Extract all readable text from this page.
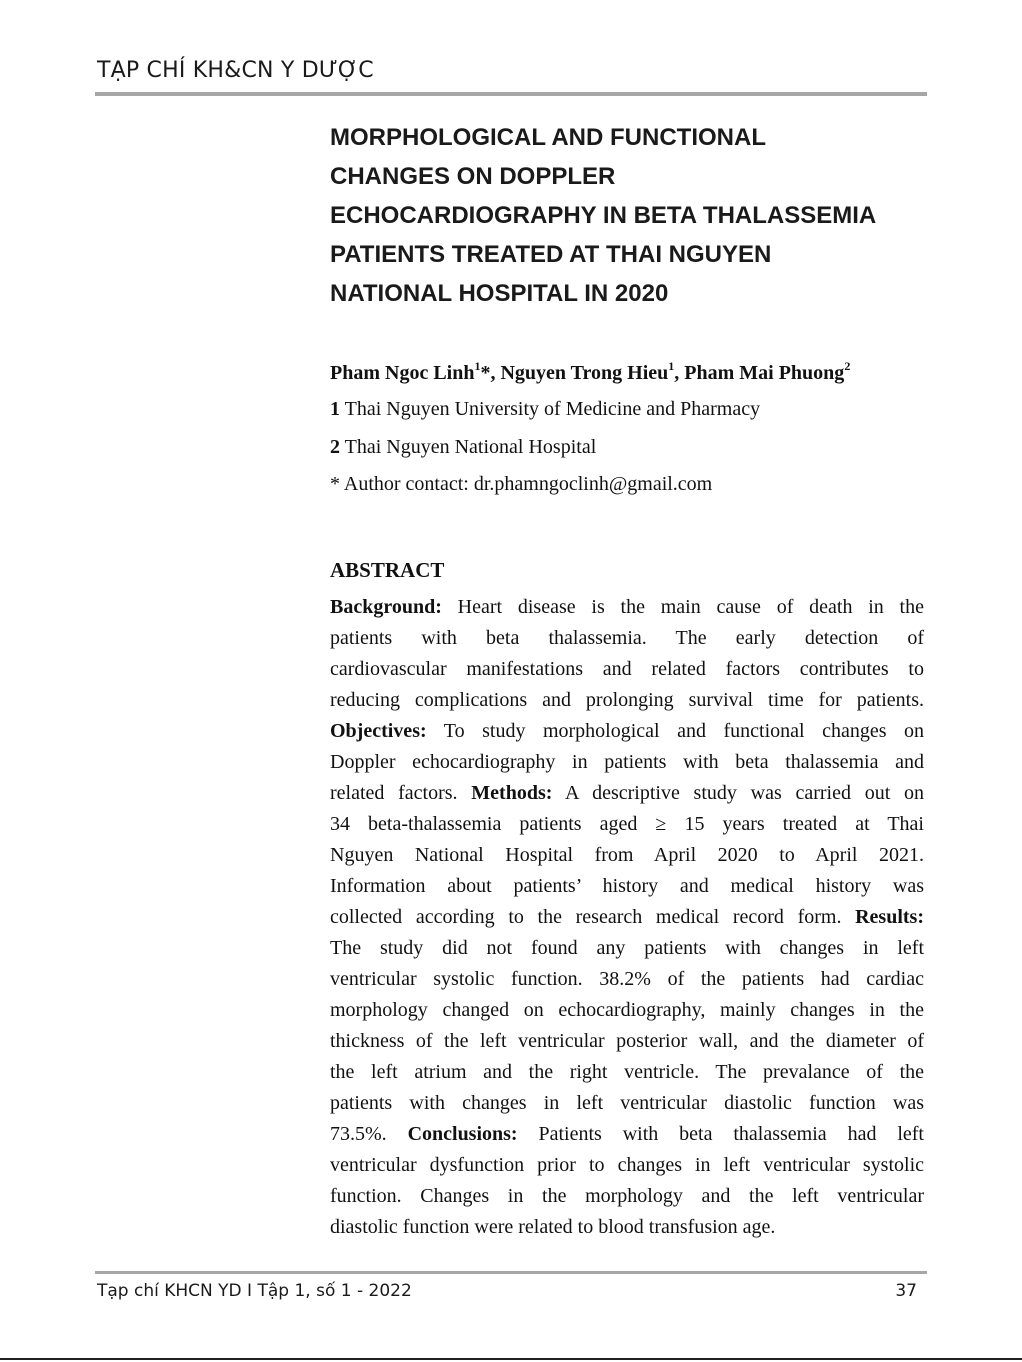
TẠP CHÍ KH&CN Y DƯỢC
MORPHOLOGICAL AND FUNCTIONAL
CHANGES ON DOPPLER
ECHOCARDIOGRAPHY IN BETA THALASSEMIA
PATIENTS TREATED AT THAI NGUYEN
NATIONAL HOSPITAL IN 2020
Pham Ngoc Linh$^1$*, Nguyen Trong Hieu$^1$, Pham Mai Phuong$^2$
1 Thai Nguyen University of Medicine and Pharmacy
2 Thai Nguyen National Hospital
* Author contact: dr.phamngoclinh@gmail.com
ABSTRACT
Background: Heart disease is the main cause of death in the
patients with beta thalassemia. The early detection of
cardiovascular manifestations and related factors contributes to
reducing complications and prolonging survival time for patients.
Objectives: To study morphological and functional changes on
Doppler echocardiography in patients with beta thalassemia and
related factors. Methods: A descriptive study was carried out on
34 beta-thalassemia patients aged ≥ 15 years treated at Thai
Nguyen National Hospital from April 2020 to April 2021.
Information about patients’ history and medical history was
collected according to the research medical record form. Results:
The study did not found any patients with changes in left
ventricular systolic function. 38.2% of the patients had cardiac
morphology changed on echocardiography, mainly changes in the
thickness of the left ventricular posterior wall, and the diameter of
the left atrium and the right ventricle. The prevalance of the
patients with changes in left ventricular diastolic function was
73.5%. Conclusions: Patients with beta thalassemia had left
ventricular dysfunction prior to changes in left ventricular systolic
function. Changes in the morphology and the left ventricular
diastolic function were related to blood transfusion age.
Tạp chí KHCN YD I Tập 1, số 1 - 2022	37
